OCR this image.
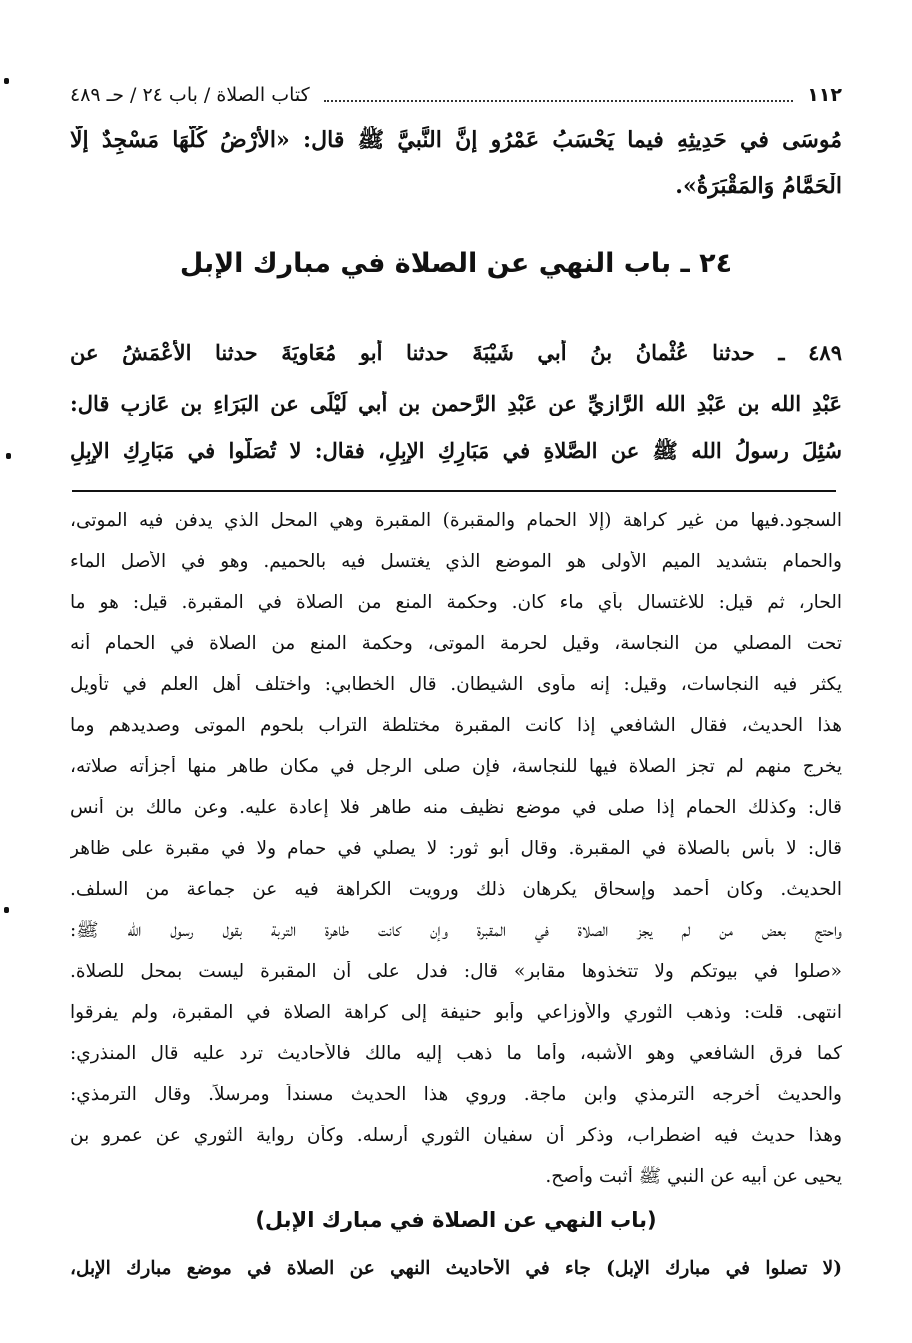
١١٢
كتاب الصلاة / باب ٢٤ / حـ ٤٨٩
مُوسَى في حَدِيثِهِ فيما يَحْسَبُ عَمْرُو إنَّ النَّبيَّ ﷺ قال: «الأرْضُ كُلُّهَا مَسْجِدٌ إلَّا
الْحَمَّامُ وَالمَقْبَرَةُ».
٢٤ ـ باب النهي عن الصلاة في مبارك الإبل
٤٨٩ ـ حدثنا عُثْمانُ بنُ أبي شَيْبَةَ حدثنا أبو مُعَاوِيَةَ حدثنا الأعْمَشُ عن
عَبْدِ الله بنِ عَبْدِ الله الرَّازِيِّ عن عَبْدِ الرَّحمنِ بنِ أبي لَيْلَى عن البَرَاءِ بنِ عَازِبٍ قال:
سُئِلَ رسولُ الله ﷺ عن الصَّلاةِ في مَبَارِكِ الإبِلِ، فقال: لا تُصَلُّوا في مَبَارِكِ الإبِلِ
السجود.فيها من غير كراهة (إلا الحمام والمقبرة) المقبرة وهي المحل الذي يدفن فيه الموتى،
والحمام بتشديد الميم الأولى هو الموضع الذي يغتسل فيه بالحميم. وهو في الأصل الماء
الحار، ثم قيل: للاغتسال بأي ماء كان. وحكمة المنع من الصلاة في المقبرة. قيل: هو ما
تحت المصلي من النجاسة، وقيل لحرمة الموتى، وحكمة المنع من الصلاة في الحمام أنه
يكثر فيه النجاسات، وقيل: إنه مأوى الشيطان. قال الخطابي: واختلف أهل العلم في تأويل
هذا الحديث، فقال الشافعي إذا كانت المقبرة مختلطة التراب بلحوم الموتى وصديدهم وما
يخرج منهم لم تجز الصلاة فيها للنجاسة، فإن صلى الرجل في مكان طاهر منها أجزأته صلاته،
قال: وكذلك الحمام إذا صلى في موضع نظيف منه طاهر فلا إعادة عليه. وعن مالك بن أنس
قال: لا بأس بالصلاة في المقبرة. وقال أبو ثور: لا يصلي في حمام ولا في مقبرة على ظاهر
الحديث. وكان أحمد وإسحاق يكرهان ذلك ورويت الكراهة فيه عن جماعة من السلف.
واحتج بعض من لم يجز الصلاة في المقبرة وإن كانت طاهرة التربة بقول رسول الله ﷺ:
«صلوا في بيوتكم ولا تتخذوها مقابر» قال: فدل على أن المقبرة ليست بمحل للصلاة.
انتهى. قلت: وذهب الثوري والأوزاعي وأبو حنيفة إلى كراهة الصلاة في المقبرة، ولم يفرقوا
كما فرق الشافعي وهو الأشبه، وأما ما ذهب إليه مالك فالأحاديث ترد عليه قال المنذري:
والحديث أخرجه الترمذي وابن ماجة. وروي هذا الحديث مسنداً ومرسلاً. وقال الترمذي:
وهذا حديث فيه اضطراب، وذكر أن سفيان الثوري أرسله. وكأن رواية الثوري عن عمرو بن
يحيى عن أبيه عن النبي ﷺ أثبت وأصح.
(باب النهي عن الصلاة في مبارك الإبل)
(لا تصلوا في مبارك الإبل) جاء في الأحاديث النهي عن الصلاة في موضع مبارك الإبل،
